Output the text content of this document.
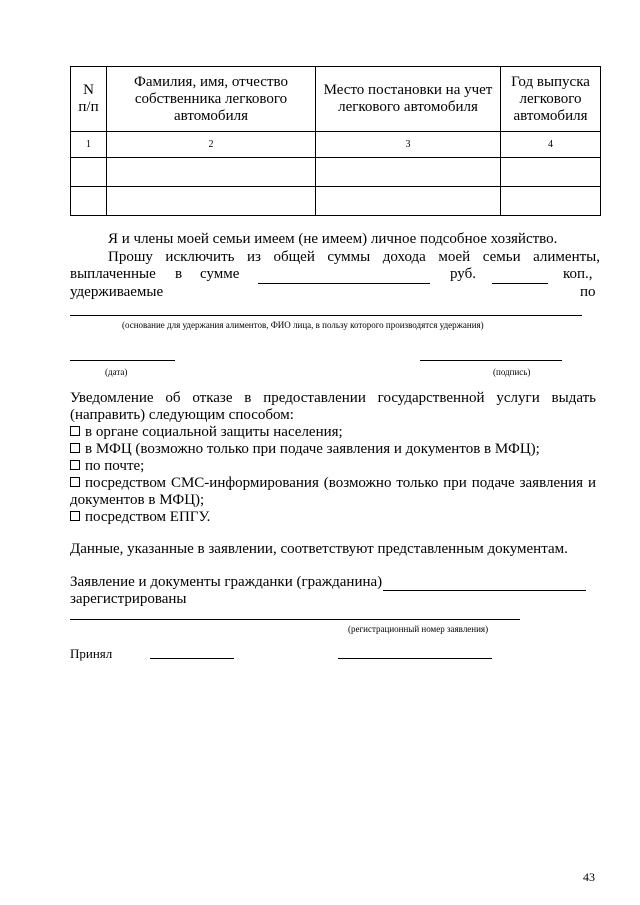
N п/п	Фамилия, имя, отчество собственника легкового автомобиля	Место постановки на учет легкового автомобиля	Год выпуска легкового автомобиля
1	2	3	4

Я и члены моей семьи имеем (не имеем) личное подсобное хозяйство.
Прошу исключить из общей суммы дохода моей семьи алименты,
выплаченные в сумме	руб.	коп.,
удерживаемые	по
(основание для удержания алиментов, ФИО лица, в пользу которого производятся удержания)
(дата)	(подпись)
Уведомление об отказе в предоставлении государственной услуги выдать
(направить) следующим способом:
в органе социальной защиты населения;
в МФЦ (возможно только при подаче заявления и документов в МФЦ);
по почте;
посредством СМС-информирования (возможно только при подаче заявления и
документов в МФЦ);
посредством ЕПГУ.
Данные, указанные в заявлении, соответствуют представленным документам.
Заявление и документы гражданки (гражданина)
зарегистрированы
(регистрационный номер заявления)
Принял
43
